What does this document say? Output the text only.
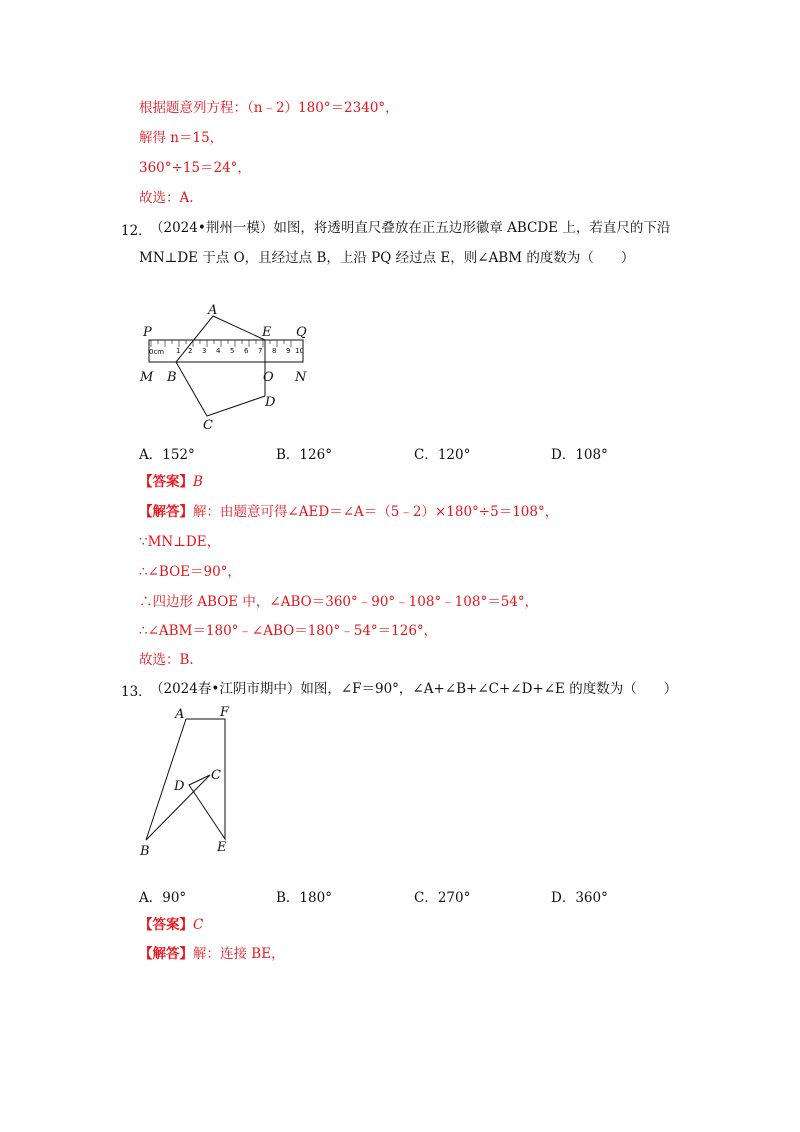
根据题意列方程：（n﹣2）180°＝2340°，
解得 n＝15，
360°÷15＝24°，
故选：A.
12．
（2024•荆州一模）如图，将透明直尺叠放在正五边形徽章 ABCDE 上，若直尺的下沿
MN⊥DE 于点 O，且经过点 B，上沿 PQ 经过点 E，则∠ABM 的度数为（　　）
0cm 1 2 3 4 5 6 7 8 9 10
P
A
E Q
M B	O N
C
D
A．152°	B．126°	C．120°	D．108°
【答案】B
【解答】解：由题意可得∠AED＝∠A＝（5﹣2）×180°÷5＝108°，
∵MN⊥DE，
∴∠BOE＝90°，
∴四边形 ABOE 中，∠ABO＝360°﹣90°﹣108°﹣108°＝54°，
∴∠ABM＝180°﹣∠ABO＝180°﹣54°＝126°，
故选：B.
13．
（2024春•江阴市期中）如图，∠F＝90°，∠A+∠B+∠C+∠D+∠E 的度数为（　　）
A	F
D
C
B	E
A．90°	B．180°	C．270°	D．360°
【答案】C
【解答】解：连接 BE，
